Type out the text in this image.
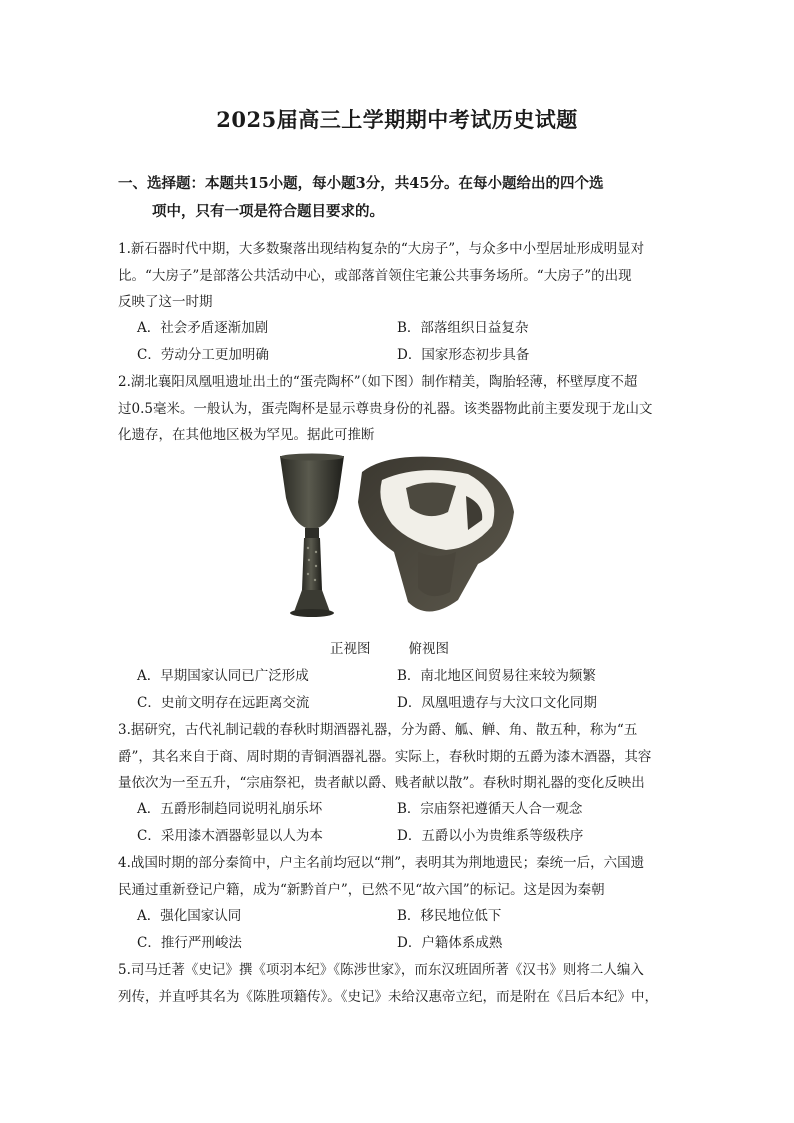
2025届高三上学期期中考试历史试题
一、选择题：本题共15小题，每小题3分，共45分。在每小题给出的四个选
项中，只有一项是符合题目要求的。
1.新石器时代中期，大多数聚落出现结构复杂的“大房子”，与众多中小型居址形成明显对
比。“大房子”是部落公共活动中心，或部落首领住宅兼公共事务场所。“大房子”的出现
反映了这一时期
A．社会矛盾逐渐加剧	B．部落组织日益复杂
C．劳动分工更加明确	D．国家形态初步具备
2.湖北襄阳凤凰咀遗址出土的“蛋壳陶杯”（如下图）制作精美，陶胎轻薄，杯壁厚度不超
过0.5毫米。一般认为，蛋壳陶杯是显示尊贵身份的礼器。该类器物此前主要发现于龙山文
化遗存，在其他地区极为罕见。据此可推断
正视图	俯视图
A．早期国家认同已广泛形成	B．南北地区间贸易往来较为频繁
C．史前文明存在远距离交流	D．凤凰咀遗存与大汶口文化同期
3.据研究，古代礼制记载的春秋时期酒器礼器，分为爵、觚、觯、角、散五种，称为“五
爵”，其名来自于商、周时期的青铜酒器礼器。实际上，春秋时期的五爵为漆木酒器，其容
量依次为一至五升，“宗庙祭祀，贵者献以爵、贱者献以散”。春秋时期礼器的变化反映出
A．五爵形制趋同说明礼崩乐坏	B．宗庙祭祀遵循天人合一观念
C．采用漆木酒器彰显以人为本	D．五爵以小为贵维系等级秩序
4.战国时期的部分秦简中，户主名前均冠以“荆”，表明其为荆地遗民；秦统一后，六国遗
民通过重新登记户籍，成为“新黔首户”，已然不见“故六国”的标记。这是因为秦朝
A．强化国家认同	B．移民地位低下
C．推行严刑峻法	D．户籍体系成熟
5.司马迁著《史记》撰《项羽本纪》《陈涉世家》，而东汉班固所著《汉书》则将二人编入
列传，并直呼其名为《陈胜项籍传》。《史记》未给汉惠帝立纪，而是附在《吕后本纪》中，
